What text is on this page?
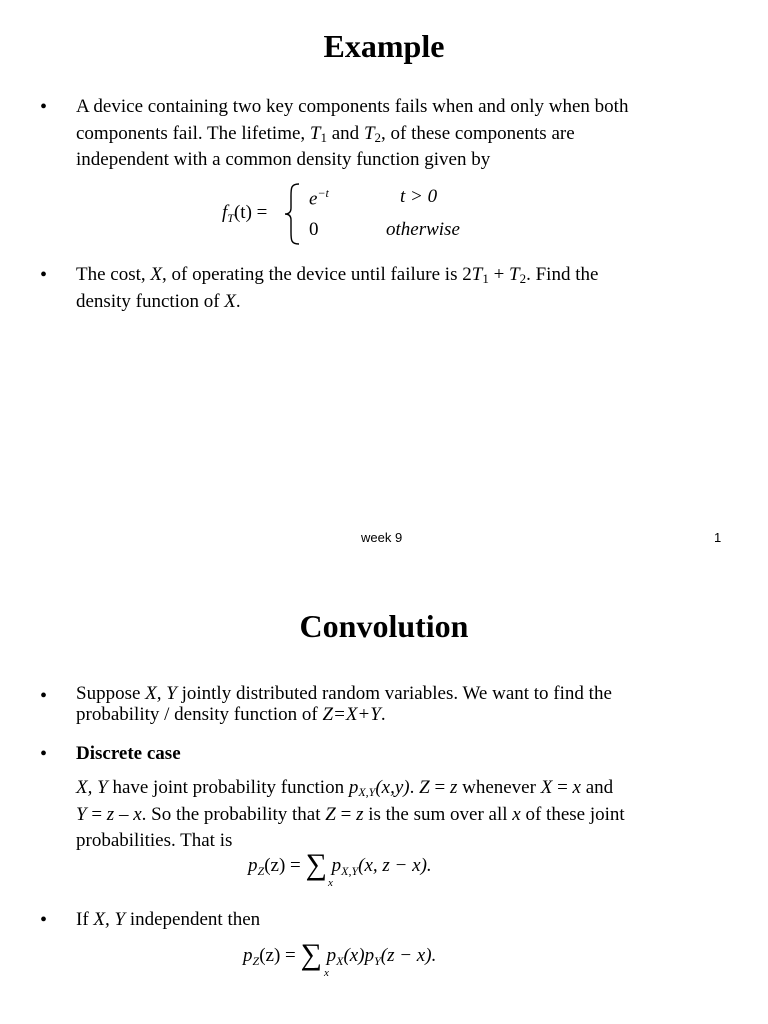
Example
• A device containing two key components fails when and only when both
components fail. The lifetime, $T_1$ and $T_2$, of these components are
independent with a common density function given by
$f_T(t)$ =
$e^{-t}$	t > 0
0	otherwise
• The cost, X, of operating the device until failure is $2T_1 + T_2$. Find the
density function of X.
week 9	1
Convolution
• Suppose X, Y jointly distributed random variables. We want to find the
probability / density function of Z=X+Y.
• Discrete case
X, Y have joint probability function $p_{X,Y}(x,y)$. Z = z whenever X = x and
Y = z – x. So the probability that Z = z is the sum over all x of these joint
probabilities. That is
$p_Z(z)$ = ∑ $p_{X,Y}(x$, z − x).
x
• If X, Y independent then
$p_Z(z)$ = ∑ $p_X(x)p_Y(z - x)$.
x
